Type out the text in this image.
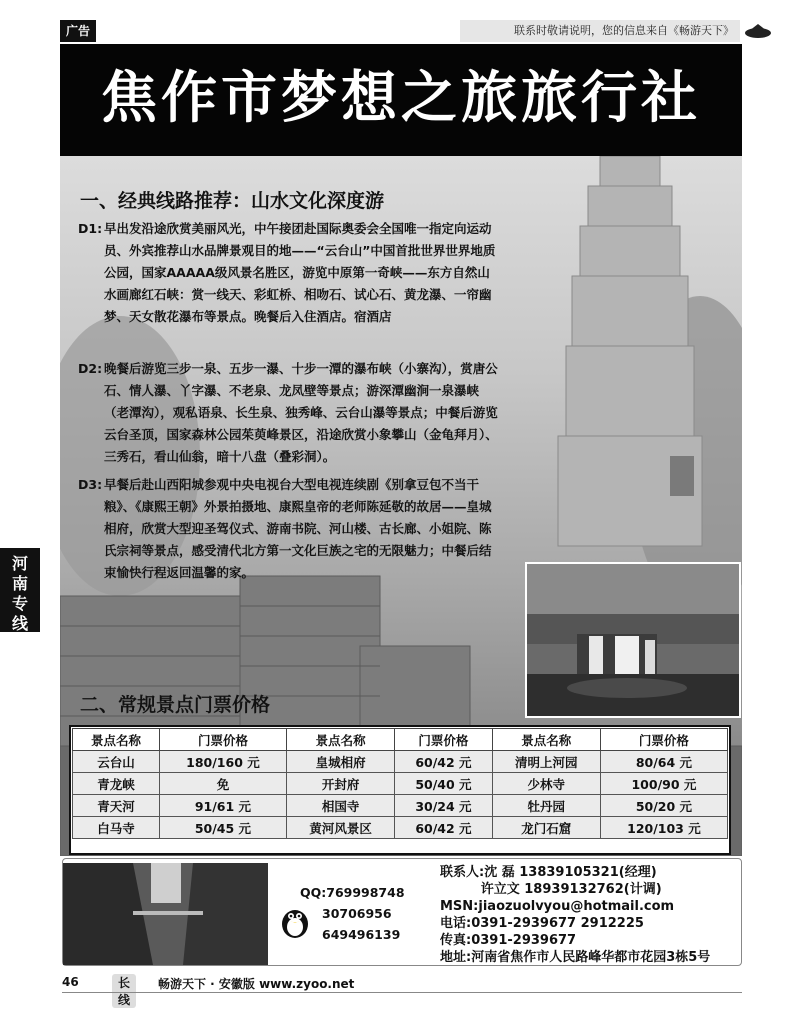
广告	联系时敬请说明，您的信息来自《畅游天下》
焦作市梦想之旅旅行社
河
南
专
线
一、经典线路推荐：山水文化深度游
D1: 早出发沿途欣赏美丽风光，中午接团赴国际奥委会全国唯一指定向运动员、外宾推荐山水品牌景观目的地——“云台山”中国首批世界世界地质公园，国家AAAAA级风景名胜区，游览中原第一奇峡——东方自然山水画廊红石峡：赏一线天、彩虹桥、相吻石、试心石、黄龙瀑、一帘幽梦、天女散花瀑布等景点。晚餐后入住酒店。宿酒店
D2: 晚餐后游览三步一泉、五步一瀑、十步一潭的瀑布峡（小寨沟），赏唐公石、情人瀑、丫字瀑、不老泉、龙凤壁等景点；游深潭幽涧一泉瀑峡（老潭沟），观私语泉、长生泉、独秀峰、云台山瀑等景点；中餐后游览云台圣顶，国家森林公园茱萸峰景区，沿途欣赏小象攀山（金龟拜月）、三秀石，看山仙翁，暗十八盘（叠彩洞）。
D3: 早餐后赴山西阳城参观中央电视台大型电视连续剧《别拿豆包不当干粮》、《康熙王朝》外景拍摄地、康熙皇帝的老师陈延敬的故居——皇城相府，欣赏大型迎圣驾仪式、游南书院、河山楼、古长廊、小姐院、陈氏宗祠等景点，感受清代北方第一文化巨族之宅的无限魅力；中餐后结束愉快行程返回温馨的家。
二、常规景点门票价格
景点名称	门票价格	景点名称	门票价格	景点名称	门票价格
云台山	180/160 元	皇城相府	60/42 元	清明上河园	80/64 元
青龙峡	免	开封府	50/40 元	少林寺	100/90 元
青天河	91/61 元	相国寺	30/24 元	牡丹园	50/20 元
白马寺	50/45 元	黄河风景区	60/42 元	龙门石窟	120/103 元
QQ:769998748
30706956
649496139
联系人:沈 磊 13839105321(经理)
许立文 18939132762(计调)
MSN:jiaozuolvyou@hotmail.com
电话:0391-2939677 2912225
传真:0391-2939677
地址:河南省焦作市人民路峰华都市花园3栋5号
46	长线
畅游天下 · 安徽版 www.zyoo.net
